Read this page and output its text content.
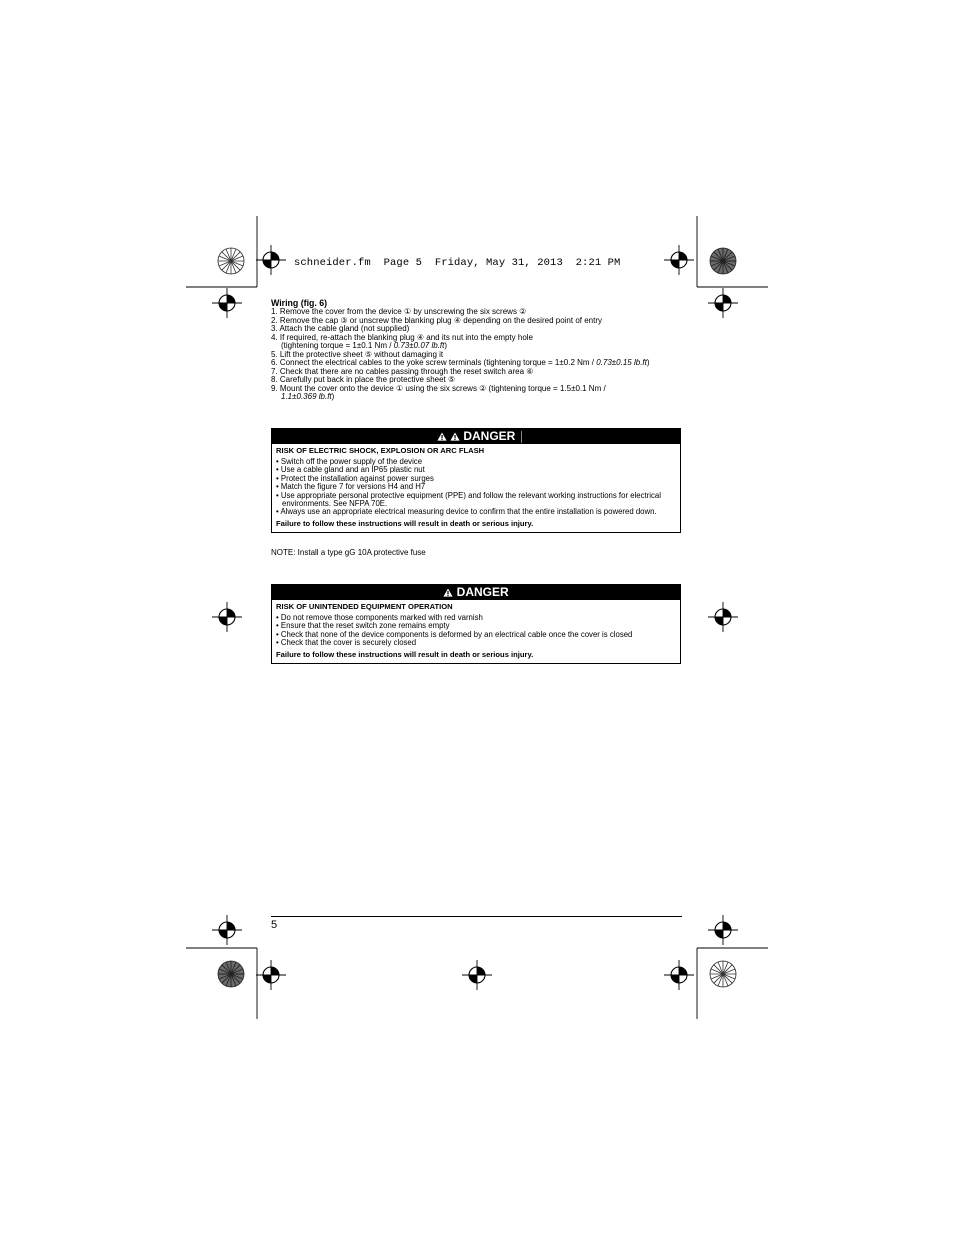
schneider.fm  Page 5  Friday, May 31, 2013  2:21 PM
Wiring (fig. 6)
1. Remove the cover from the device ① by unscrewing the six screws ②
2. Remove the cap ③ or unscrew the blanking plug ④ depending on the desired point of entry
3. Attach the cable gland (not supplied)
4. If required, re-attach the blanking plug ④ and its nut into the empty hole
(tightening torque = 1±0.1 Nm / 0.73±0.07 lb.ft)
5. Lift the protective sheet ⑤ without damaging it
6. Connect the electrical cables to the yoke screw terminals (tightening torque = 1±0.2 Nm / 0.73±0.15 lb.ft)
7. Check that there are no cables passing through the reset switch area ⑥
8. Carefully put back in place the protective sheet ⑤
9. Mount the cover onto the device ① using the six screws ② (tightening torque = 1.5±0.1 Nm /
1.1±0.369 lb.ft)
DANGER
RISK OF ELECTRIC SHOCK, EXPLOSION OR ARC FLASH
• Switch off the power supply of the device
• Use a cable gland and an IP65 plastic nut
• Protect the installation against power surges
• Match the figure 7 for versions H4 and H7
• Use appropriate personal protective equipment (PPE) and follow the relevant working instructions for electrical environments. See NFPA 70E.
• Always use an appropriate electrical measuring device to confirm that the entire installation is powered down.
Failure to follow these instructions will result in death or serious injury.
NOTE: Install a type gG 10A protective fuse
DANGER
RISK OF UNINTENDED EQUIPMENT OPERATION
• Do not remove those components marked with red varnish
• Ensure that the reset switch zone remains empty
• Check that none of the device components is deformed by an electrical cable once the cover is closed
• Check that the cover is securely closed
Failure to follow these instructions will result in death or serious injury.
5
